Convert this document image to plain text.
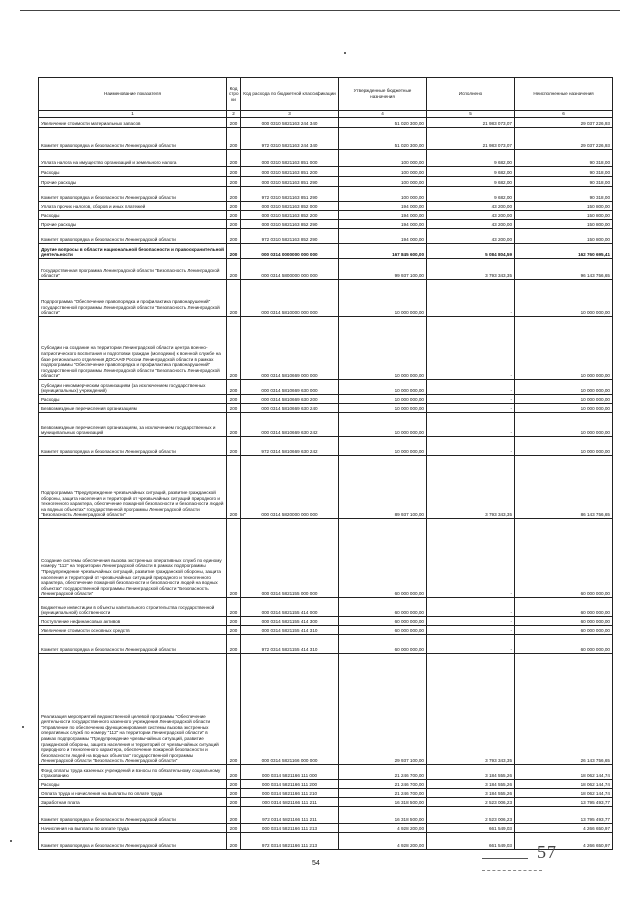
Наименование показателя	Код стро ки	Код расхода по бюджетной классификации	Утвержденные бюджетные назначения	Исполнено	Неисполненные назначения
1	2	3	4	5	6
Увеличение стоимости материальных запасов	200	000 0310 5821163 244 340	51 020 300,00	21 983 073,07	29 037 226,93
Комитет правопорядка и безопасности Ленинградской области	200	972 0310 5821163 244 340	51 020 300,00	21 983 073,07	29 037 226,93
Уплата налога на имущество организаций и земельного налога	200	000 0310 5821163 851 000	100 000,00	9 682,00	90 318,00
Расходы	200	000 0310 5821163 851 200	100 000,00	9 682,00	90 318,00
Прочие расходы	200	000 0310 5821163 851 290	100 000,00	9 682,00	90 318,00
Комитет правопорядка и безопасности Ленинградской области	200	972 0310 5821163 851 290	100 000,00	9 682,00	90 318,00
Уплата прочих налогов, сборов и иных платежей	200	000 0310 5821163 852 000	194 000,00	43 200,00	150 800,00
Расходы	200	000 0310 5821163 852 200	194 000,00	43 200,00	150 800,00
Прочие расходы	200	000 0310 5821163 852 290	194 000,00	43 200,00	150 800,00
Комитет правопорядка и безопасности Ленинградской области	200	972 0310 5821163 852 290	194 000,00	43 200,00	150 800,00
Другие вопросы в области национальной безопасности и правоохранительной деятельности	200	000 0314 0000000 000 000	167 845 600,00	5 084 804,59	162 760 695,41
Государственная программа Ленинградской области "Безопасность Ленинградской области"	200	000 0314 5800000 000 000	99 937 100,00	3 793 343,35	96 143 756,65
Подпрограмма "Обеспечение правопорядка и профилактика правонарушений" государственной программы Ленинградской области "Безопасность Ленинградской области"	200	000 0314 5810000 000 000	10 000 000,00	-	10 000 000,00
Субсидии на создание на территории Ленинградской области центра военно-патриотического воспитания и подготовки граждан (молодежи) к военной службе на базе региональнго отделения ДОСААФ России Ленинградской области в рамках подпрограммы "Обеспечение правопорядка и профилактика правонарушений" государственной программы Ленинградской области "Безопасность Ленинградской области"	200	000 0314 5810669 000 000	10 000 000,00	-	10 000 000,00
Субсидии некоммерческим организациям (за исключением государственных (муниципальных) учреждений)	200	000 0314 5810669 630 000	10 000 000,00	-	10 000 000,00
Расходы	200	000 0314 5810669 630 200	10 000 000,00	-	10 000 000,00
Безвозмездные перечисления организациям	200	000 0314 5810669 630 240	10 000 000,00	-	10 000 000,00
Безвозмездные перечисления организациям, за исключением государственных и муниципальных организаций	200	000 0314 5810669 630 242	10 000 000,00	-	10 000 000,00
Комитет правопорядка и безопасности Ленинградской области	200	972 0314 5810669 630 242	10 000 000,00	-	10 000 000,00
Подпрограмма "Предупреждение чрезвычайных ситуаций, развитие гражданской обороны, защита населения и территорий от чрезвычайных ситуаций природного и техногенного характера, обеспечение пожарной безопасности и безопасности людей на водных объектах" государственной программы Ленинградской области "Безопасность Ленинградской области"	200	000 0314 5820000 000 000	89 937 100,00	3 793 343,35	86 143 756,65
Создание системы обеспечения вызова экстренных оперативных служб по единому номеру "112" на территории Ленинградской области в рамках подпрограммы "Предупреждение чрезвычайных ситуаций, развитие гражданской обороны, защита населения и территорий от чрезвычайных ситуаций природного и техногенного характера, обеспечение пожарной безопасности и безопасности людей на водных объектах" государственной программы Ленинградской области "Безопасность Ленинградской области"	200	000 0314 5821155 000 000	60 000 000,00	-	60 000 000,00
Бюджетные инвестиции в объекты капитального строительства государственной (муниципальной) собственности	200	000 0314 5821155 414 000	60 000 000,00	-	60 000 000,00
Поступление нефинансовых активов	200	000 0314 5821155 414 300	60 000 000,00	-	60 000 000,00
Увеличение стоимости основных средств	200	000 0314 5821155 414 310	60 000 000,00	-	60 000 000,00
Комитет правопорядка и безопасности Ленинградской области	200	972 0314 5821155 414 310	60 000 000,00	-	60 000 000,00
Реализация мероприятий ведомственной целевой программы "Обеспечение деятельности государственного казенного учреждения Ленинградской области "Управление по обеспечению функционирования системы вызова экстренных оперативных служб по номеру "112" на территории Ленинградской области" в рамках подпрограммы "Предупреждение чрезвычайных ситуаций, развитие гражданской обороны, защита населения и территорий от чрезвычайных ситуаций природного и техногенного характера, обеспечение пожарной безопасности и безопасности людей на водных объектах" государственной программы Ленинградской области "Безопасность Ленинградской области"	200	000 0314 5821166 000 000	29 937 100,00	3 793 343,35	26 143 756,65
Фонд оплаты труда казенных учреждений и взносы по обязательному социальному страхованию	200	000 0314 5821166 111 000	21 246 700,00	3 184 555,26	18 062 144,74
Расходы	200	000 0314 5821166 111 200	21 246 700,00	3 184 555,26	18 062 144,74
Оплата труда и начисления на выплаты по оплате труда	200	000 0314 5821166 111 210	21 246 700,00	3 184 555,26	18 062 144,74
Заработная плата	200	000 0314 5821166 111 211	16 318 500,00	2 523 006,23	13 795 493,77
Комитет правопорядка и безопасности Ленинградской области	200	972 0314 5821166 111 211	16 318 500,00	2 523 006,23	13 795 493,77
Начисления на выплаты по оплате труда	200	000 0314 5821166 111 213	4 928 200,00	661 549,03	4 266 650,97
Комитет правопорядка и безопасности Ленинградской области	200	972 0314 5821166 111 213	4 928 200,00	661 549,03	4 266 650,97
57
54
